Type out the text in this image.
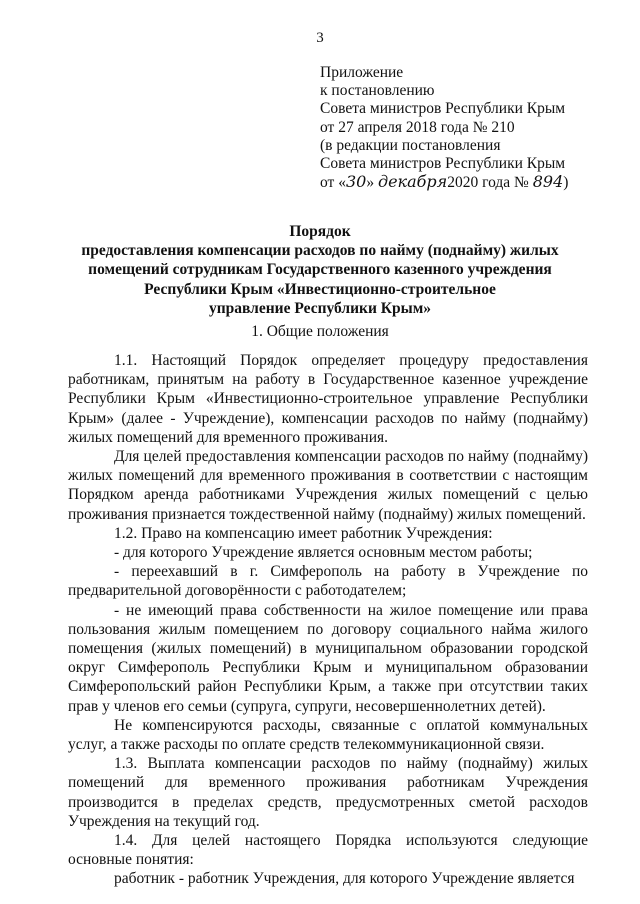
3
Приложение
к постановлению
Совета министров Республики Крым
от 27 апреля 2018 года № 210
(в редакции постановления
Совета министров Республики Крым
от «30» декабря2020 года № 894)
Порядок
предоставления компенсации расходов по найму (поднайму) жилых
помещений сотрудникам Государственного казенного учреждения
Республики Крым «Инвестиционно-строительное
управление Республики Крым»
1. Общие положения

1.1. Настоящий Порядок определяет процедуру предоставления работникам, принятым на работу в Государственное казенное учреждение Республики Крым «Инвестиционно-строительное управление Республики Крым» (далее - Учреждение), компенсации расходов по найму (поднайму) жилых помещений для временного проживания.

Для целей предоставления компенсации расходов по найму (поднайму) жилых помещений для временного проживания в соответствии с настоящим Порядком аренда работниками Учреждения жилых помещений с целью проживания признается тождественной найму (поднайму) жилых помещений.

1.2. Право на компенсацию имеет работник Учреждения:

- для которого Учреждение является основным местом работы;

- переехавший в г. Симферополь на работу в Учреждение по предварительной договорённости с работодателем;

- не имеющий права собственности на жилое помещение или права пользования жилым помещением по договору социального найма жилого помещения (жилых помещений) в муниципальном образовании городской округ Симферополь Республики Крым и муниципальном образовании Симферопольский район Республики Крым, а также при отсутствии таких прав у членов его семьи (супруга, супруги, несовершеннолетних детей).

Не компенсируются расходы, связанные с оплатой коммунальных услуг, а также расходы по оплате средств телекоммуникационной связи.

1.3. Выплата компенсации расходов по найму (поднайму) жилых помещений для временного проживания работникам Учреждения производится в пределах средств, предусмотренных сметой расходов Учреждения на текущий год.

1.4. Для целей настоящего Порядка используются следующие основные понятия:

работник - работник Учреждения, для которого Учреждение является
